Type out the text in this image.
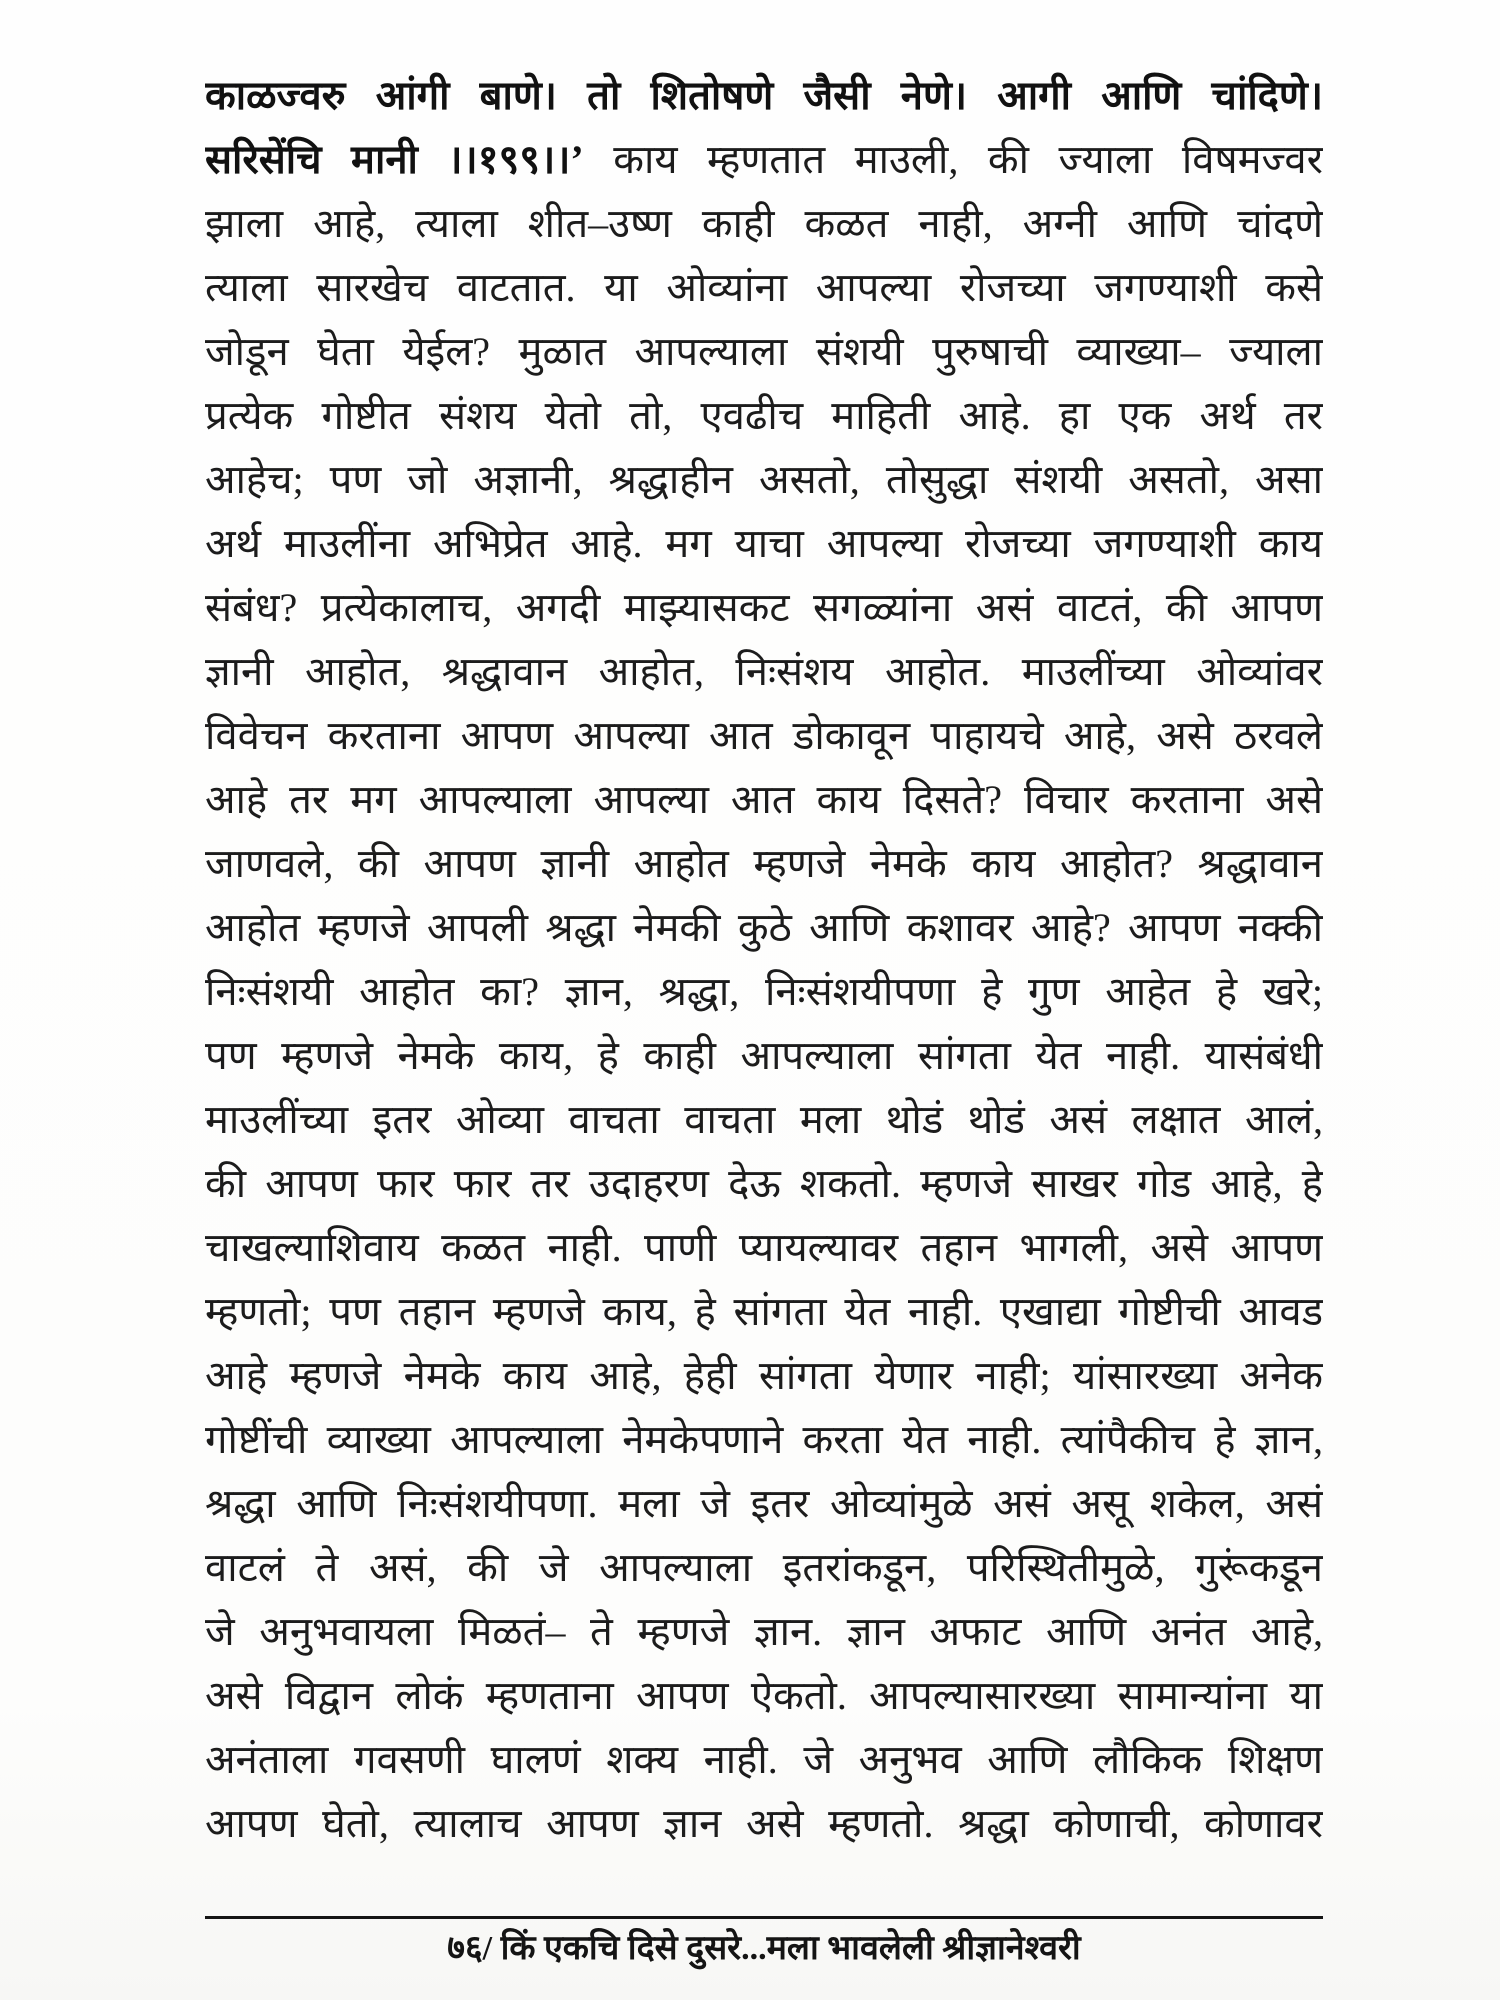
काळज्वरु आंगी बाणे। तो शितोषणे जैसी नेणे। आगी आणि चांदिणे।
सरिसेंचि मानी ।।१९९।।’ काय म्हणतात माउली, की ज्याला विषमज्वर
झाला आहे, त्याला शीत–उष्ण काही कळत नाही, अग्नी आणि चांदणे
त्याला सारखेच वाटतात. या ओव्यांना आपल्या रोजच्या जगण्याशी कसे
जोडून घेता येईल? मुळात आपल्याला संशयी पुरुषाची व्याख्या– ज्याला
प्रत्येक गोष्टीत संशय येतो तो, एवढीच माहिती आहे. हा एक अर्थ तर
आहेच; पण जो अज्ञानी, श्रद्धाहीन असतो, तोसुद्धा संशयी असतो, असा
अर्थ माउलींना अभिप्रेत आहे. मग याचा आपल्या रोजच्या जगण्याशी काय
संबंध? प्रत्येकालाच, अगदी माझ्यासकट सगळ्यांना असं वाटतं, की आपण
ज्ञानी आहोत, श्रद्धावान आहोत, निःसंशय आहोत. माउलींच्या ओव्यांवर
विवेचन करताना आपण आपल्या आत डोकावून पाहायचे आहे, असे ठरवले
आहे तर मग आपल्याला आपल्या आत काय दिसते? विचार करताना असे
जाणवले, की आपण ज्ञानी आहोत म्हणजे नेमके काय आहोत? श्रद्धावान
आहोत म्हणजे आपली श्रद्धा नेमकी कुठे आणि कशावर आहे? आपण नक्की
निःसंशयी आहोत का? ज्ञान, श्रद्धा, निःसंशयीपणा हे गुण आहेत हे खरे;
पण म्हणजे नेमके काय, हे काही आपल्याला सांगता येत नाही. यासंबंधी
माउलींच्या इतर ओव्या वाचता वाचता मला थोडं थोडं असं लक्षात आलं,
की आपण फार फार तर उदाहरण देऊ शकतो. म्हणजे साखर गोड आहे, हे
चाखल्याशिवाय कळत नाही. पाणी प्यायल्यावर तहान भागली, असे आपण
म्हणतो; पण तहान म्हणजे काय, हे सांगता येत नाही. एखाद्या गोष्टीची आवड
आहे म्हणजे नेमके काय आहे, हेही सांगता येणार नाही; यांसारख्या अनेक
गोष्टींची व्याख्या आपल्याला नेमकेपणाने करता येत नाही. त्यांपैकीच हे ज्ञान,
श्रद्धा आणि निःसंशयीपणा. मला जे इतर ओव्यांमुळे असं असू शकेल, असं
वाटलं ते असं, की जे आपल्याला इतरांकडून, परिस्थितीमुळे, गुरूंकडून
जे अनुभवायला मिळतं– ते म्हणजे ज्ञान. ज्ञान अफाट आणि अनंत आहे,
असे विद्वान लोकं म्हणताना आपण ऐकतो. आपल्यासारख्या सामान्यांना या
अनंताला गवसणी घालणं शक्य नाही. जे अनुभव आणि लौकिक शिक्षण
आपण घेतो, त्यालाच आपण ज्ञान असे म्हणतो. श्रद्धा कोणाची, कोणावर
७६/ किं एकचि दिसे दुसरे...मला भावलेली श्रीज्ञानेश्वरी
